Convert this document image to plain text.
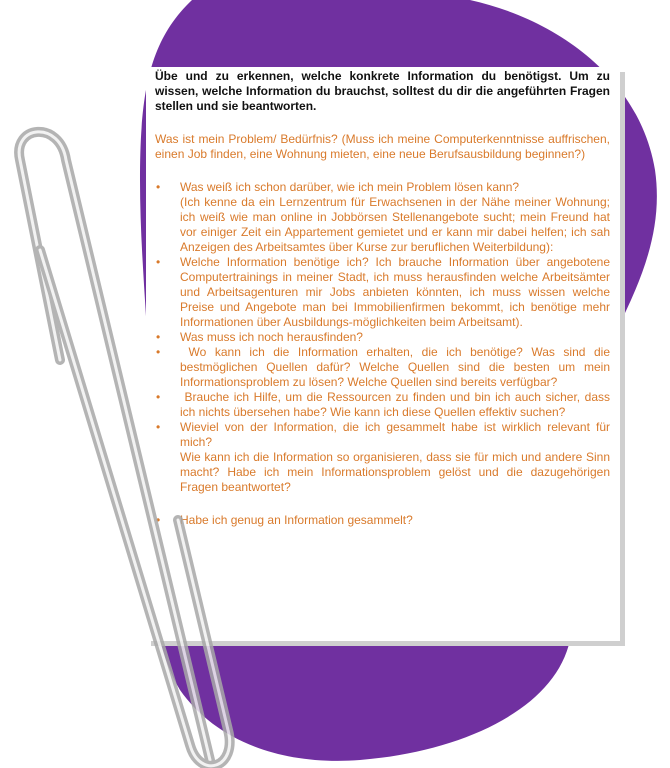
Übe und zu erkennen, welche konkrete Information du benötigst. Um zu wissen, welche Information du brauchst, solltest du dir die angeführten Fragen stellen und sie beantworten.

Was ist mein Problem/ Bedürfnis? (Muss ich meine Computerkenntnisse auffrischen, einen Job finden, eine Wohnung mieten, eine neue Berufsausbildung beginnen?)

• Was weiß ich schon darüber, wie ich mein Problem lösen kann?
(Ich kenne da ein Lernzentrum für Erwachsenen in der Nähe meiner Wohnung; ich weiß wie man online in Jobbörsen Stellenangebote sucht; mein Freund hat vor einiger Zeit ein Appartement gemietet und er kann mir dabei helfen; ich sah Anzeigen des Arbeitsamtes über Kurse zur beruflichen Weiterbildung):
• Welche Information benötige ich? Ich brauche Information über angebotene Computertrainings in meiner Stadt, ich muss herausfinden welche Arbeitsämter und Arbeitsagenturen mir Jobs anbieten könnten, ich muss wissen welche Preise und Angebote man bei Immobilienfirmen bekommt, ich benötige mehr Informationen über Ausbildungs-möglichkeiten beim Arbeitsamt).
• Was muss ich noch herausfinden?
• Wo kann ich die Information erhalten, die ich benötige? Was sind die bestmöglichen Quellen dafür? Welche Quellen sind die besten um mein Informationsproblem zu lösen? Welche Quellen sind bereits verfügbar?
• Brauche ich Hilfe, um die Ressourcen zu finden und bin ich auch sicher, dass ich nichts übersehen habe? Wie kann ich diese Quellen effektiv suchen?
• Wieviel von der Information, die ich gesammelt habe ist wirklich relevant für mich?
Wie kann ich die Information so organisieren, dass sie für mich und andere Sinn macht? Habe ich mein Informationsproblem gelöst und die dazugehörigen Fragen beantwortet?
• Habe ich genug an Information gesammelt?
